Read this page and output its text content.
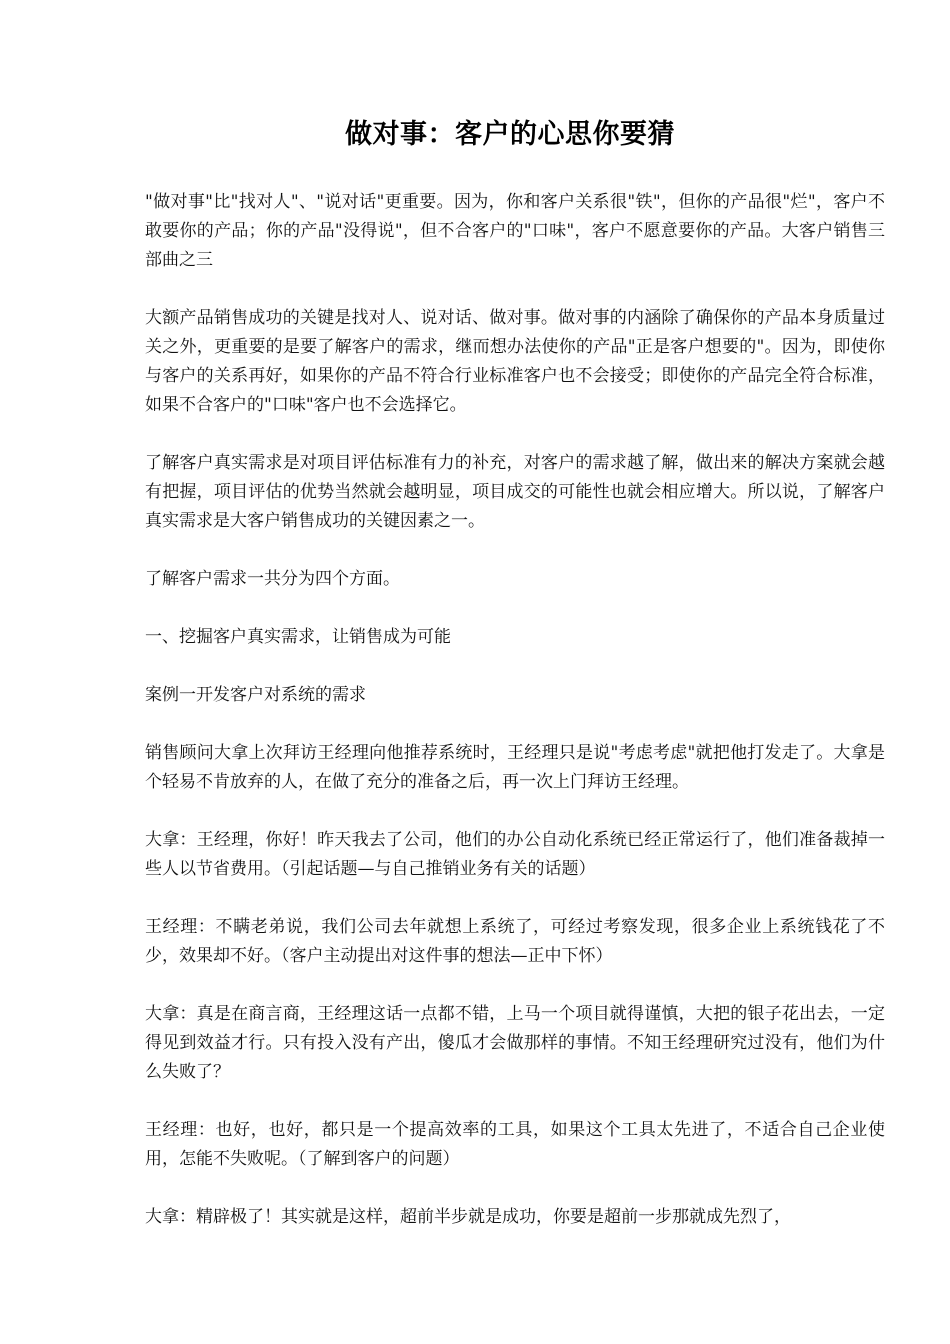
做对事：客户的心思你要猜

"做对事"比"找对人"、"说对话"更重要。因为，你和客户关系很"铁"，但你的产品很"烂"，客户不敢要你的产品；你的产品"没得说"，但不合客户的"口味"，客户不愿意要你的产品。大客户销售三部曲之三

大额产品销售成功的关键是找对人、说对话、做对事。做对事的内涵除了确保你的产品本身质量过关之外，更重要的是要了解客户的需求，继而想办法使你的产品"正是客户想要的"。因为，即使你与客户的关系再好，如果你的产品不符合行业标准客户也不会接受；即使你的产品完全符合标准，如果不合客户的"口味"客户也不会选择它。

了解客户真实需求是对项目评估标准有力的补充，对客户的需求越了解，做出来的解决方案就会越有把握，项目评估的优势当然就会越明显，项目成交的可能性也就会相应增大。所以说，了解客户真实需求是大客户销售成功的关键因素之一。

了解客户需求一共分为四个方面。

一、挖掘客户真实需求，让销售成为可能

案例一开发客户对系统的需求

销售顾问大拿上次拜访王经理向他推荐系统时，王经理只是说"考虑考虑"就把他打发走了。大拿是个轻易不肯放弃的人，在做了充分的准备之后，再一次上门拜访王经理。

大拿：王经理，你好！昨天我去了公司，他们的办公自动化系统已经正常运行了，他们准备裁掉一些人以节省费用。（引起话题—与自己推销业务有关的话题）

王经理：不瞒老弟说，我们公司去年就想上系统了，可经过考察发现，很多企业上系统钱花了不少，效果却不好。（客户主动提出对这件事的想法—正中下怀）

大拿：真是在商言商，王经理这话一点都不错，上马一个项目就得谨慎，大把的银子花出去，一定得见到效益才行。只有投入没有产出，傻瓜才会做那样的事情。不知王经理研究过没有，他们为什么失败了？

王经理：也好，也好，都只是一个提高效率的工具，如果这个工具太先进了，不适合自己企业使用，怎能不失败呢。（了解到客户的问题）

大拿：精辟极了！其实就是这样，超前半步就是成功，你要是超前一步那就成先烈了，
